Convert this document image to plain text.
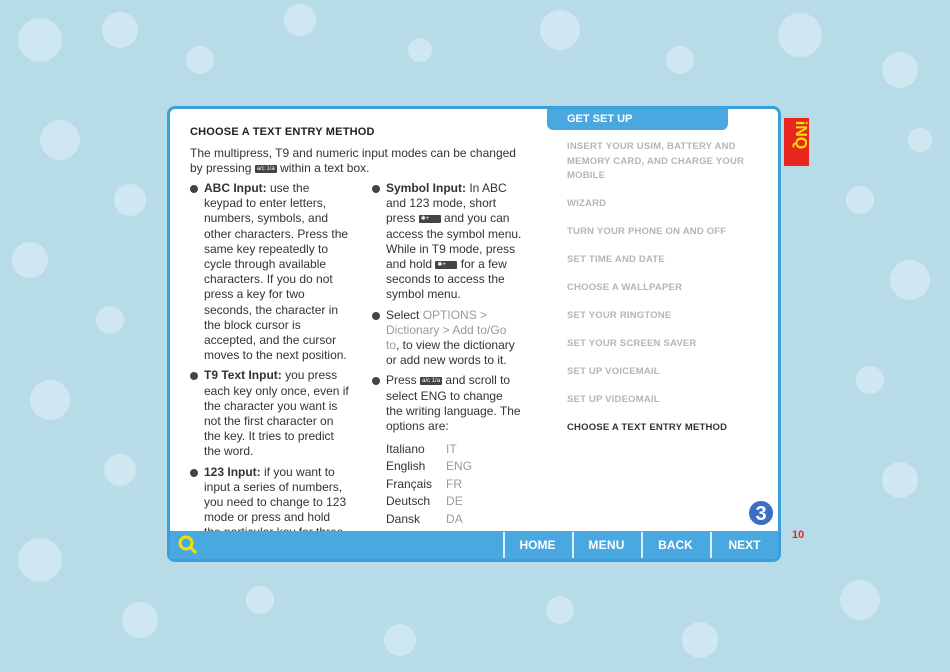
iNQ
10
CHOOSE A TEXT ENTRY METHOD
The multipress, T9 and numeric input modes can be changed by pressing a/c 1/a within a text box.
ABC Input: use the keypad to enter letters, numbers, symbols, and other characters. Press the same key repeatedly to cycle through available characters. If you do not press a key for two seconds, the character in the block cursor is accepted, and the cursor moves to the next position.
T9 Text Input: you press each key only once, even if the character you want is not the first character on the key. It tries to predict the word.
123 Input: if you want to input a series of numbers, you need to change to 123 mode or press and hold
Symbol Input: In ABC and 123 mode, short press ✱+ and you can access the symbol menu. While in T9 mode, press and hold ✱+ for a few seconds to access the symbol menu.
Select OPTIONS > Dictionary > Add to/Go to, to view the dictionary or add new words to it.
Press a/c 1/a and scroll to select ENG to change the writing language. The options are:
Italiano	IT
English	ENG
Français	FR
Deutsch	DE
Dansk	DA

GET SET UP
INSERT YOUR USIM, BATTERY AND MEMORY CARD, AND CHARGE YOUR MOBILE
WIZARD
TURN YOUR PHONE ON AND OFF
SET TIME AND DATE
CHOOSE A WALLPAPER
SET YOUR RINGTONE
SET YOUR SCREEN SAVER
SET UP VOICEMAIL
SET UP VIDEOMAIL
CHOOSE A TEXT ENTRY METHOD
3
HOME	MENU	BACK	NEXT
